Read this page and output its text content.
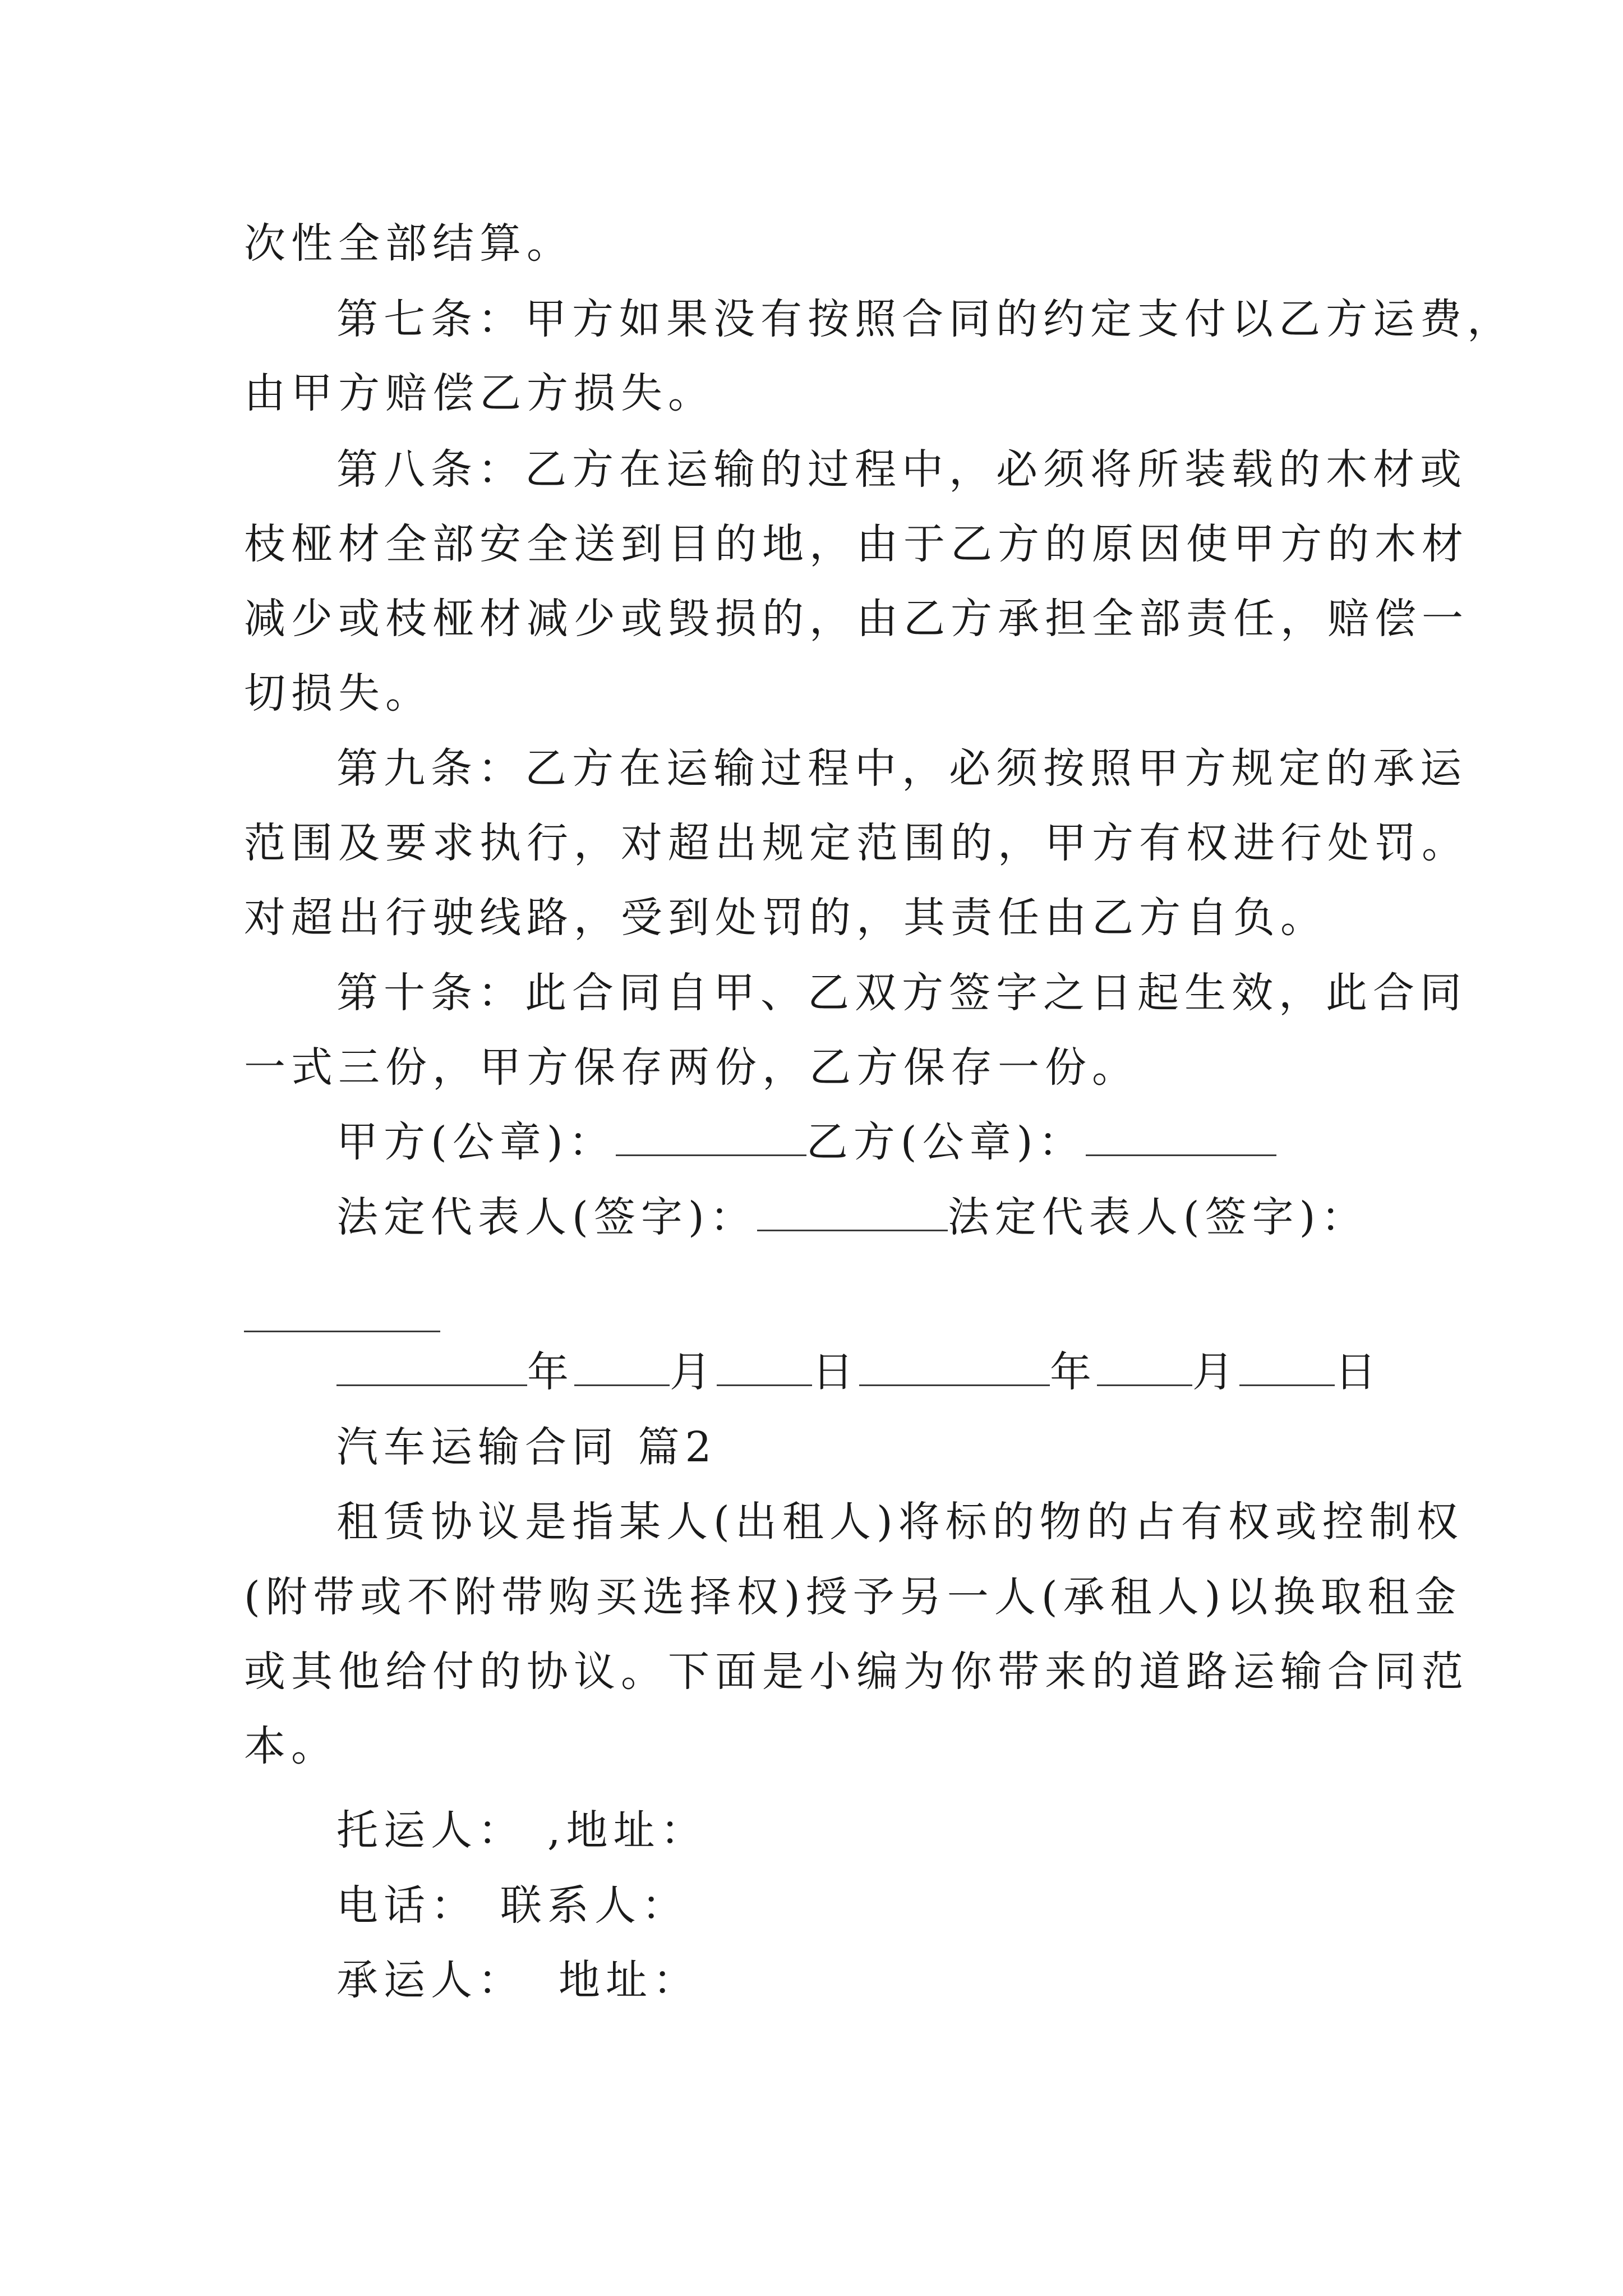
次性全部结算。
第七条：甲方如果没有按照合同的约定支付以乙方运费，
由甲方赔偿乙方损失。
第八条：乙方在运输的过程中，必须将所装载的木材或
枝桠材全部安全送到目的地，由于乙方的原因使甲方的木材
减少或枝桠材减少或毁损的，由乙方承担全部责任，赔偿一
切损失。
第九条：乙方在运输过程中，必须按照甲方规定的承运
范围及要求执行，对超出规定范围的，甲方有权进行处罚。
对超出行驶线路，受到处罚的，其责任由乙方自负。
第十条：此合同自甲、乙双方签字之日起生效，此合同
一式三份，甲方保存两份，乙方保存一份。
甲方(公章)：	乙方(公章)：
法定代表人(签字)：	法定代表人(签字)：
年 月 日	年 月 日
汽车运输合同 篇2
租赁协议是指某人(出租人)将标的物的占有权或控制权
(附带或不附带购买选择权)授予另一人(承租人)以换取租金
或其他给付的协议。下面是小编为你带来的道路运输合同范
本。
托运人： ,地址：
电话： 联系人：
承运人： 地址：
